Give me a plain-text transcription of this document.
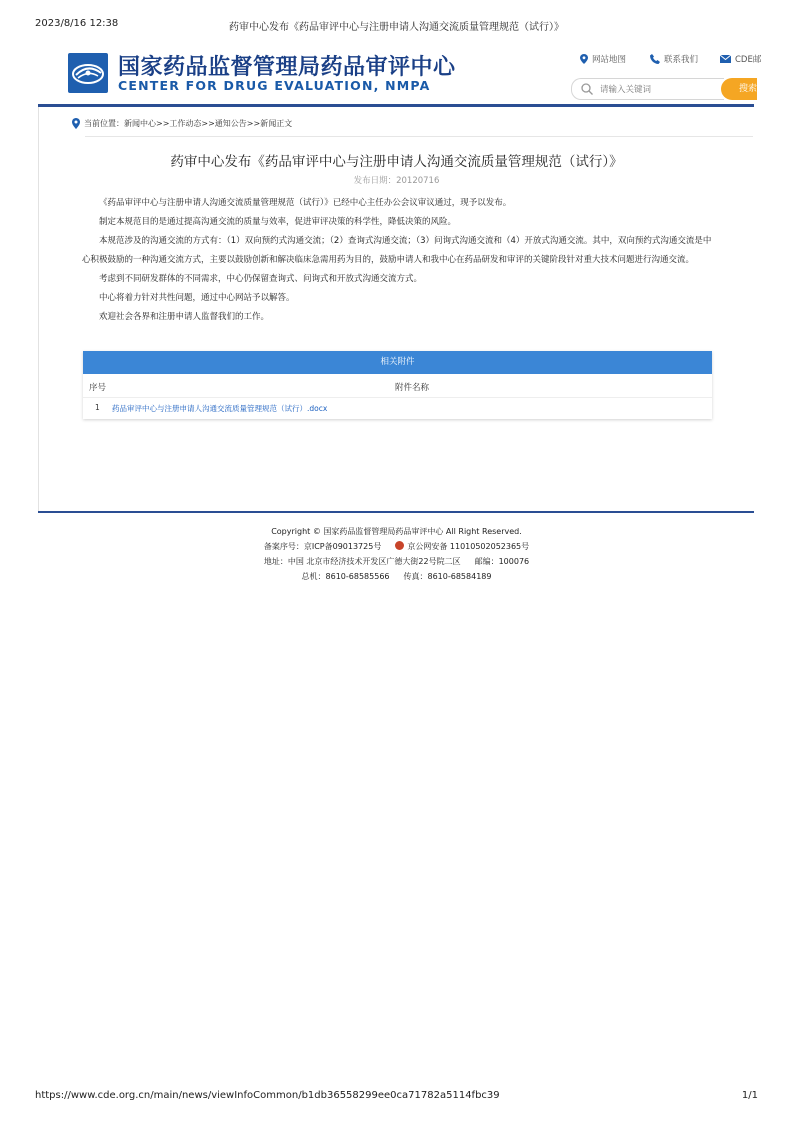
2023/8/16 12:38	药审中心发布《药品审评中心与注册申请人沟通交流质量管理规范（试行）》
国家药品监督管理局药品审评中心
CENTER FOR DRUG EVALUATION, NMPA
网站地图	联系我们	CDE邮
请输入关键词
搜索
当前位置：新闻中心>>工作动态>>通知公告>>新闻正文
药审中心发布《药品审评中心与注册申请人沟通交流质量管理规范（试行）》
发布日期：20120716

《药品审评中心与注册申请人沟通交流质量管理规范（试行）》已经中心主任办公会议审议通过，现予以发布。

制定本规范目的是通过提高沟通交流的质量与效率，促进审评决策的科学性，降低决策的风险。

本规范涉及的沟通交流的方式有：（1）双向预约式沟通交流；（2）查询式沟通交流；（3）问询式沟通交流和（4）开放式沟通交流。其中，双向预约式沟通交流是中心积极鼓励的一种沟通交流方式，主要以鼓励创新和解决临床急需用药为目的，鼓励申请人和我中心在药品研发和审评的关键阶段针对重大技术问题进行沟通交流。

考虑到不同研发群体的不同需求，中心仍保留查询式、问询式和开放式沟通交流方式。

中心将着力针对共性问题，通过中心网站予以解答。

欢迎社会各界和注册申请人监督我们的工作。

相关附件
序号	附件名称
1 药品审评中心与注册申请人沟通交流质量管理规范（试行）.docx
Copyright © 国家药品监督管理局药品审评中心 All Right Reserved.
备案序号：京ICP备09013725号	京公网安备 11010502052365号
地址：中国 北京市经济技术开发区广德大街22号院二区 邮编：100076
总机：8610-68585566 传真：8610-68584189
https://www.cde.org.cn/main/news/viewInfoCommon/b1db36558299ee0ca71782a5114fbc39	1/1
